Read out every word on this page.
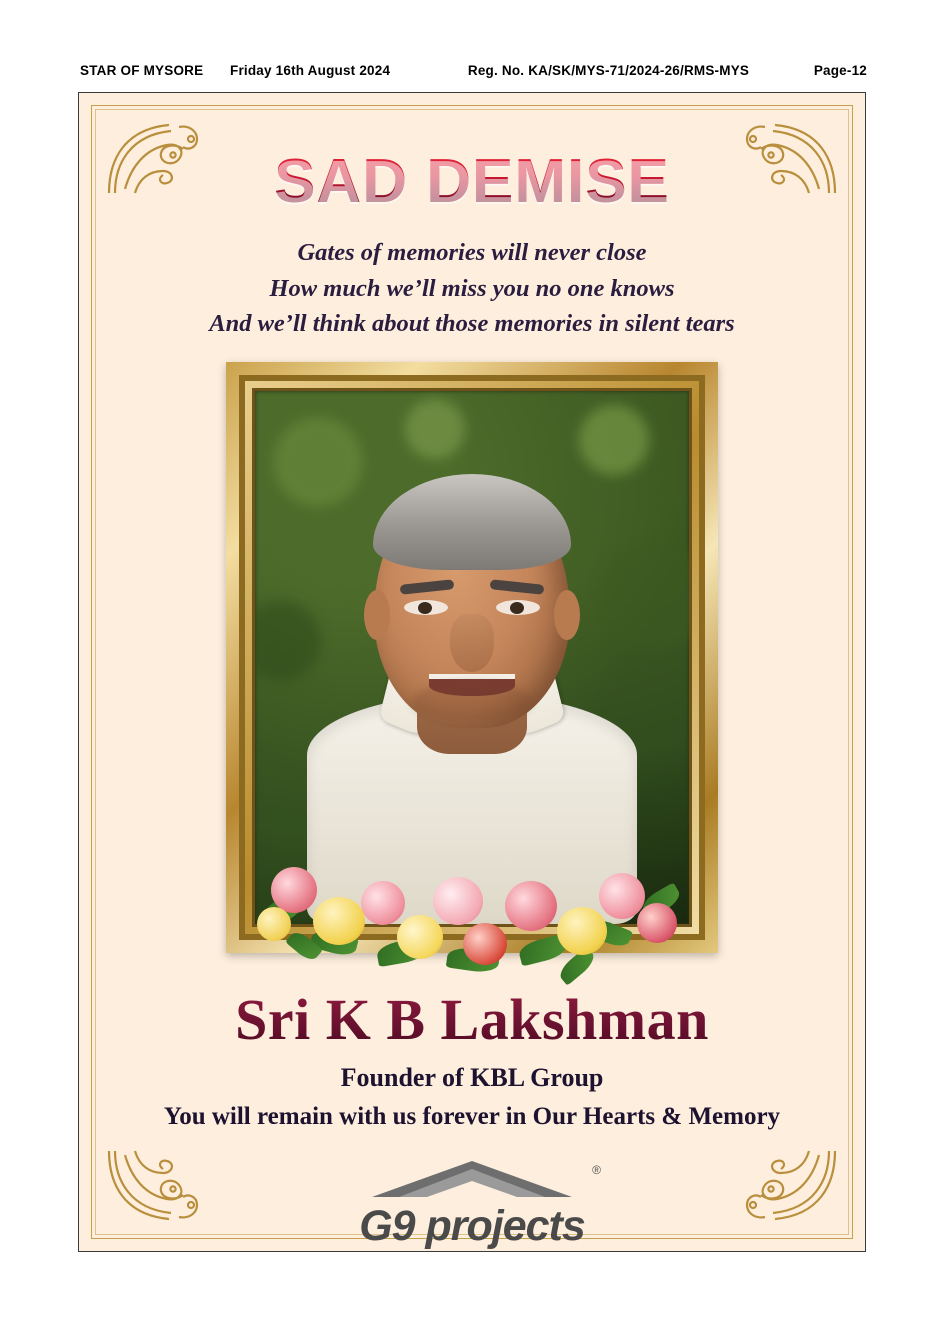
STAR OF MYSORE	Friday 16th August 2024	Reg. No. KA/SK/MYS-71/2024-26/RMS-MYS	Page-12
SAD DEMISE
Gates of memories will never close
How much we’ll miss you no one knows
And we’ll think about those memories in silent tears
Sri K B Lakshman
Founder of KBL Group
You will remain with us forever in Our Hearts & Memory
®
G9 projects
